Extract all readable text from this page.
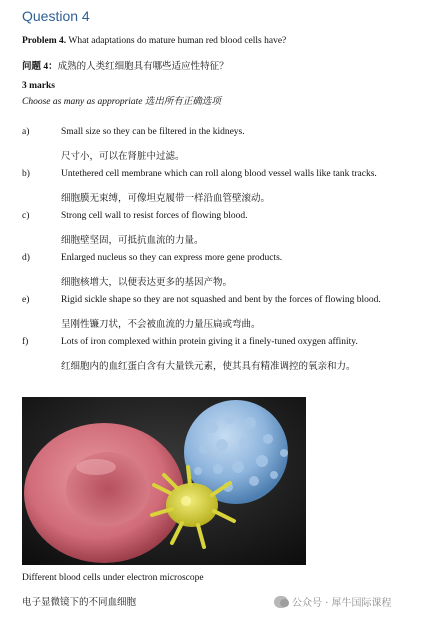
Question 4
Problem 4. What adaptations do mature human red blood cells have?
问题 4：成熟的人类红细胞具有哪些适应性特征？
3 marks
Choose as many as appropriate 选出所有正确选项
a)	Small size so they can be filtered in the kidneys.
尺寸小，可以在肾脏中过滤。
b)	Untethered cell membrane which can roll along blood vessel walls like tank tracks.
细胞膜无束缚，可像坦克履带一样沿血管壁滚动。
c)	Strong cell wall to resist forces of flowing blood.
细胞壁坚固，可抵抗血流的力量。
d)	Enlarged nucleus so they can express more gene products.
细胞核增大，以便表达更多的基因产物。
e)	Rigid sickle shape so they are not squashed and bent by the forces of flowing blood.
呈刚性镰刀状，不会被血流的力量压扁或弯曲。
f)	Lots of iron complexed within protein giving it a finely-tuned oxygen affinity.
红细胞内的血红蛋白含有大量铁元素，使其具有精准调控的氧亲和力。
Different blood cells under electron microscope
电子显微镜下的不同血细胞	公众号 · 犀牛国际课程
